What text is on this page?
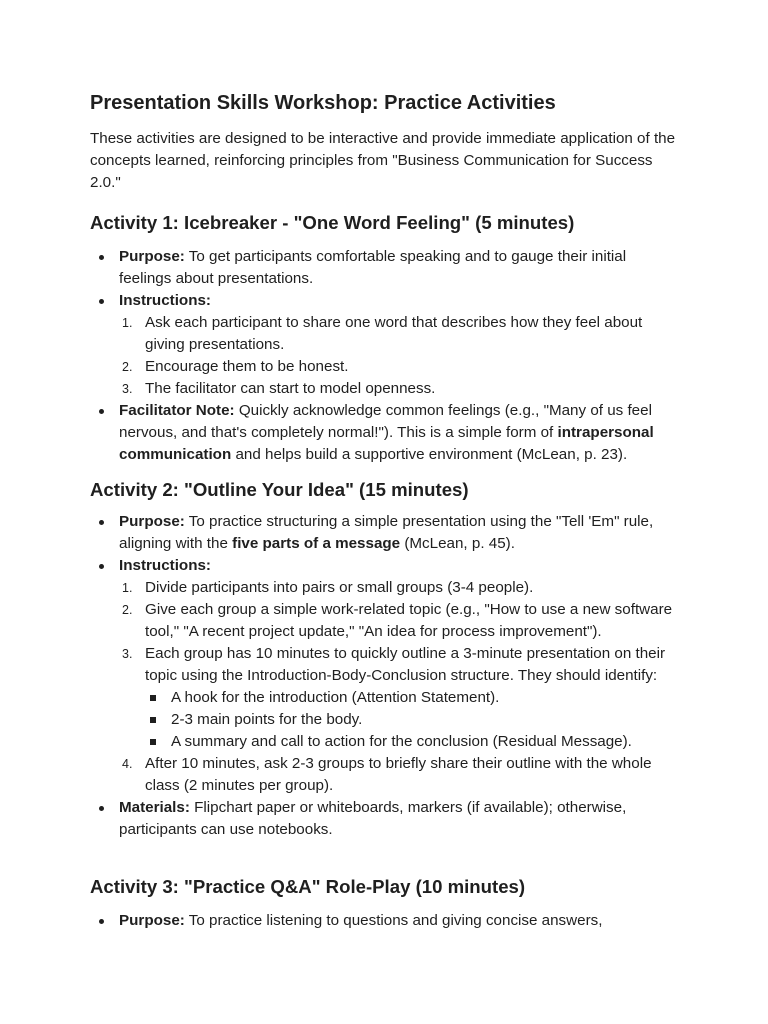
Presentation Skills Workshop: Practice Activities

These activities are designed to be interactive and provide immediate application of the concepts learned, reinforcing principles from "Business Communication for Success 2.0."

Activity 1: Icebreaker - "One Word Feeling" (5 minutes)
Purpose: To get participants comfortable speaking and to gauge their initial feelings about presentations.
Instructions:
1. Ask each participant to share one word that describes how they feel about giving presentations.
2. Encourage them to be honest.
3. The facilitator can start to model openness.
Facilitator Note: Quickly acknowledge common feelings (e.g., "Many of us feel nervous, and that's completely normal!"). This is a simple form of intrapersonal communication and helps build a supportive environment (McLean, p. 23).
Activity 2: "Outline Your Idea" (15 minutes)
Purpose: To practice structuring a simple presentation using the "Tell 'Em" rule, aligning with the five parts of a message (McLean, p. 45).
Instructions:
1. Divide participants into pairs or small groups (3-4 people).
2. Give each group a simple work-related topic (e.g., "How to use a new software tool," "A recent project update," "An idea for process improvement").
3. Each group has 10 minutes to quickly outline a 3-minute presentation on their topic using the Introduction-Body-Conclusion structure. They should identify:
A hook for the introduction (Attention Statement).
2-3 main points for the body.
A summary and call to action for the conclusion (Residual Message).
4. After 10 minutes, ask 2-3 groups to briefly share their outline with the whole class (2 minutes per group).
Materials: Flipchart paper or whiteboards, markers (if available); otherwise, participants can use notebooks.
Activity 3: "Practice Q&A" Role-Play (10 minutes)
Purpose: To practice listening to questions and giving concise answers,
